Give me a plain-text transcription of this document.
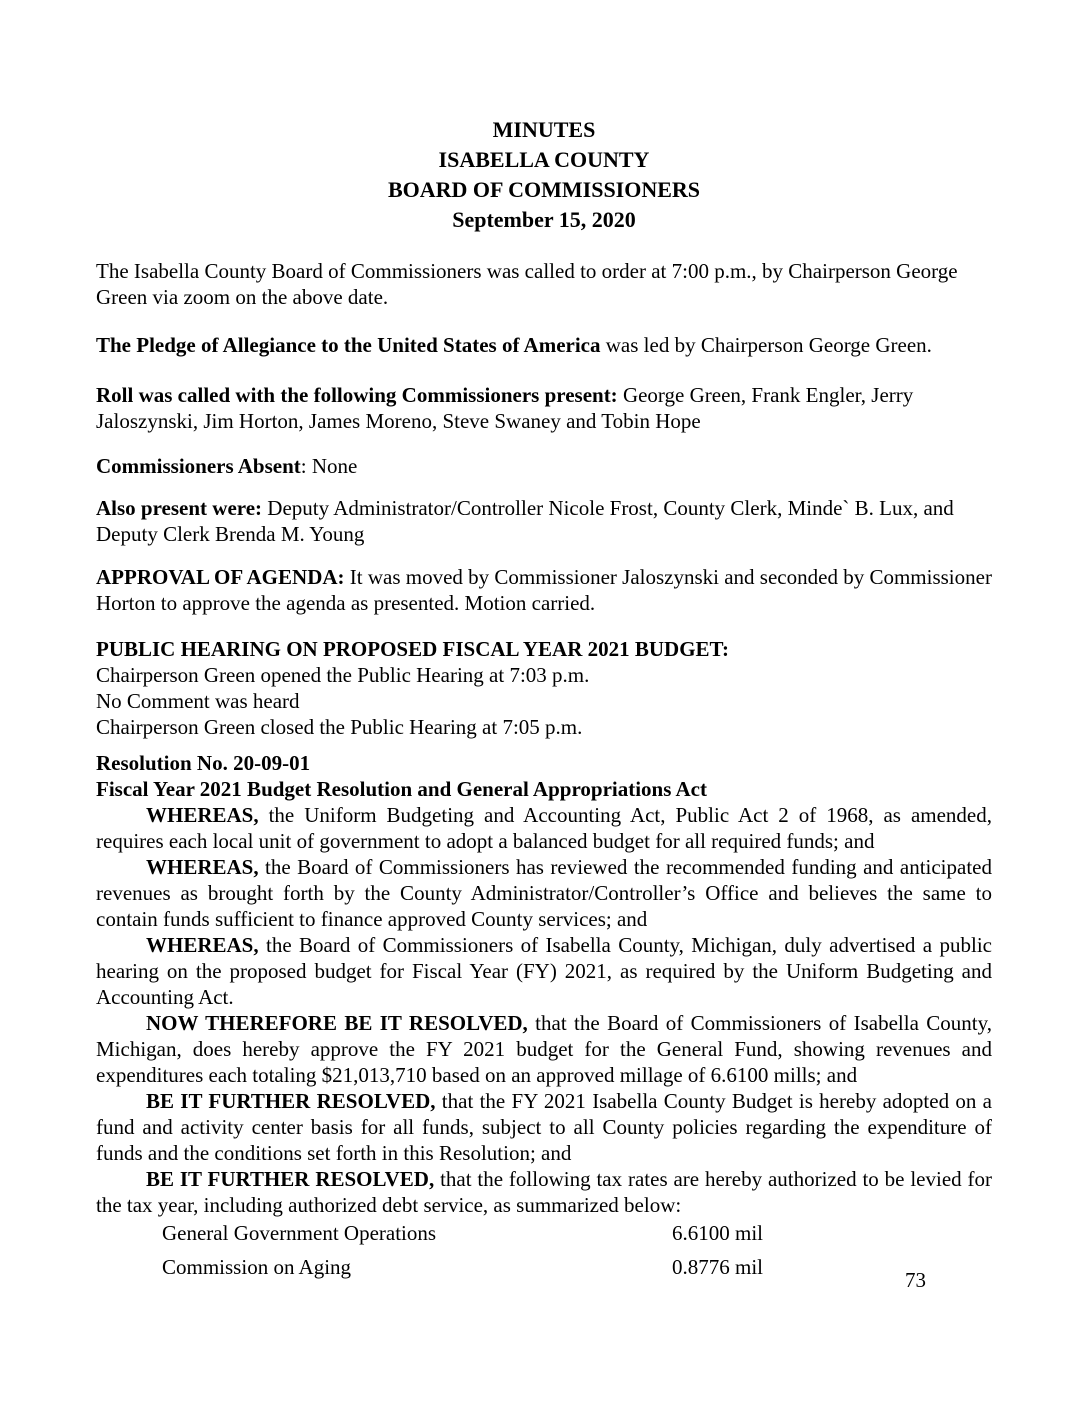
MINUTES
ISABELLA COUNTY
BOARD OF COMMISSIONERS
September 15, 2020
The Isabella County Board of Commissioners was called to order at 7:00 p.m., by Chairperson George Green via zoom on the above date.
The Pledge of Allegiance to the United States of America was led by Chairperson George Green.
Roll was called with the following Commissioners present: George Green, Frank Engler, Jerry Jaloszynski, Jim Horton, James Moreno, Steve Swaney and Tobin Hope
Commissioners Absent: None
Also present were: Deputy Administrator/Controller Nicole Frost, County Clerk, Minde` B. Lux, and Deputy Clerk Brenda M. Young
APPROVAL OF AGENDA: It was moved by Commissioner Jaloszynski and seconded by Commissioner Horton to approve the agenda as presented. Motion carried.
PUBLIC HEARING ON PROPOSED FISCAL YEAR 2021 BUDGET:
Chairperson Green opened the Public Hearing at 7:03 p.m.
No Comment was heard
Chairperson Green closed the Public Hearing at 7:05 p.m.
Resolution No. 20-09-01
Fiscal Year 2021 Budget Resolution and General Appropriations Act
WHEREAS, the Uniform Budgeting and Accounting Act, Public Act 2 of 1968, as amended, requires each local unit of government to adopt a balanced budget for all required funds; and
WHEREAS, the Board of Commissioners has reviewed the recommended funding and anticipated revenues as brought forth by the County Administrator/Controller’s Office and believes the same to contain funds sufficient to finance approved County services; and
WHEREAS, the Board of Commissioners of Isabella County, Michigan, duly advertised a public hearing on the proposed budget for Fiscal Year (FY) 2021, as required by the Uniform Budgeting and Accounting Act.
NOW THEREFORE BE IT RESOLVED, that the Board of Commissioners of Isabella County, Michigan, does hereby approve the FY 2021 budget for the General Fund, showing revenues and expenditures each totaling $21,013,710 based on an approved millage of 6.6100 mills; and
BE IT FURTHER RESOLVED, that the FY 2021 Isabella County Budget is hereby adopted on a fund and activity center basis for all funds, subject to all County policies regarding the expenditure of funds and the conditions set forth in this Resolution; and
BE IT FURTHER RESOLVED, that the following tax rates are hereby authorized to be levied for the tax year, including authorized debt service, as summarized below:
General Government Operations	6.6100 mil
Commission on Aging	0.8776 mil
73
